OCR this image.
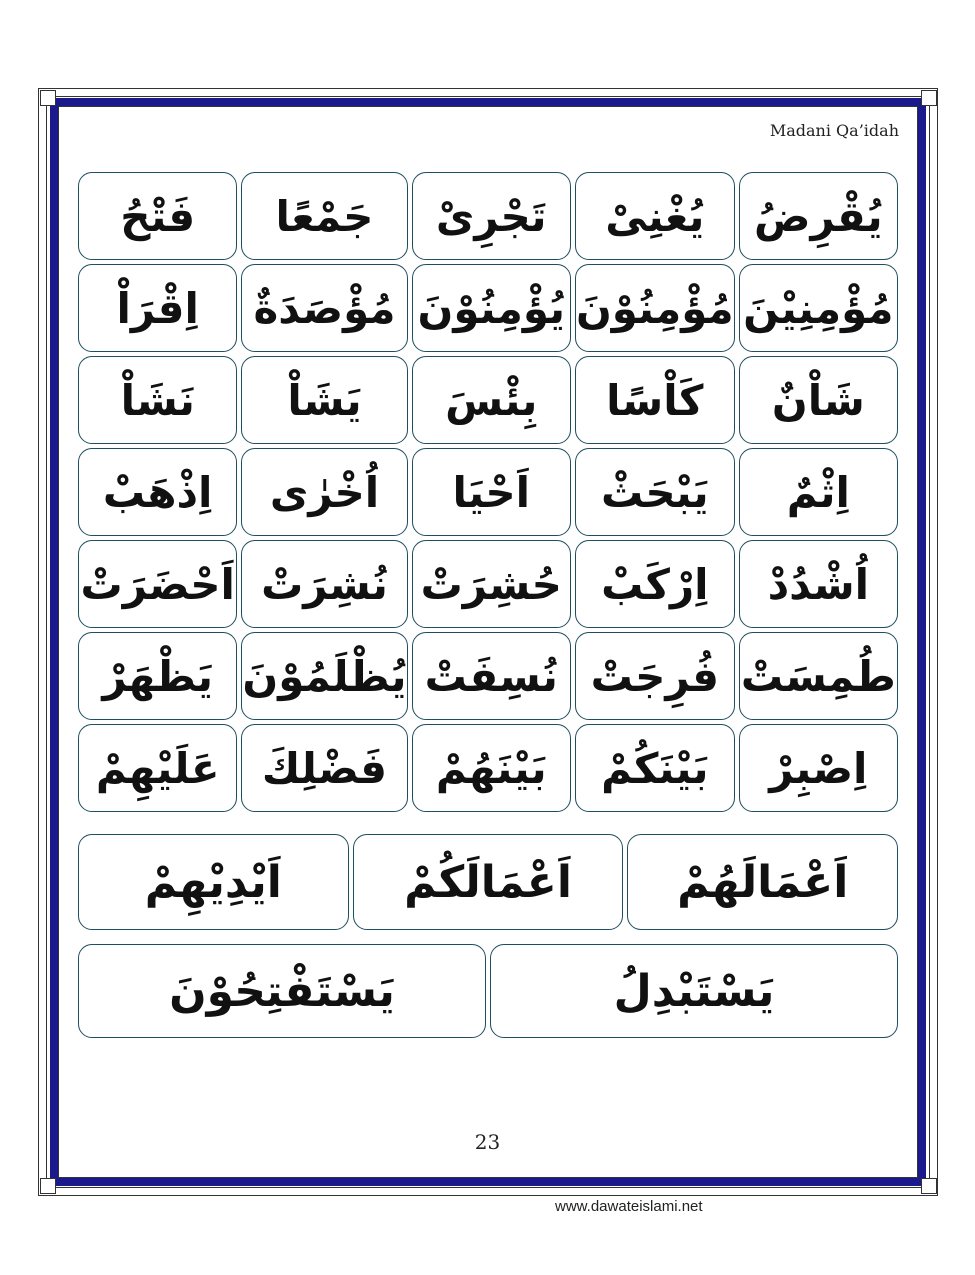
Madani Qa’idah
يُقْرِضُ
يُغْنِىْ
تَجْرِىْ
جَمْعًا
فَتْحُ
مُؤْمِنِيْنَ
مُؤْمِنُوْنَ
يُؤْمِنُوْنَ
مُؤْصَدَةٌ
اِقْرَاْ
شَاْنٌ
كَاْسًا
بِئْسَ
يَشَاْ
نَشَاْ
اِثْمٌ
يَبْحَثْ
اَحْيَا
اُخْرٰى
اِذْهَبْ
اُشْدُدْ
اِرْكَبْ
حُشِرَتْ
نُشِرَتْ
اَحْضَرَتْ
طُمِسَتْ
فُرِجَتْ
نُسِفَتْ
يُظْلَمُوْنَ
يَظْهَرْ
اِصْبِرْ
بَيْنَكُمْ
بَيْنَهُمْ
فَضْلِكَ
عَلَيْهِمْ
اَعْمَالَهُمْ
اَعْمَالَكُمْ
اَيْدِيْهِمْ
يَسْتَبْدِلُ
يَسْتَفْتِحُوْنَ
23
www.dawateislami.net
